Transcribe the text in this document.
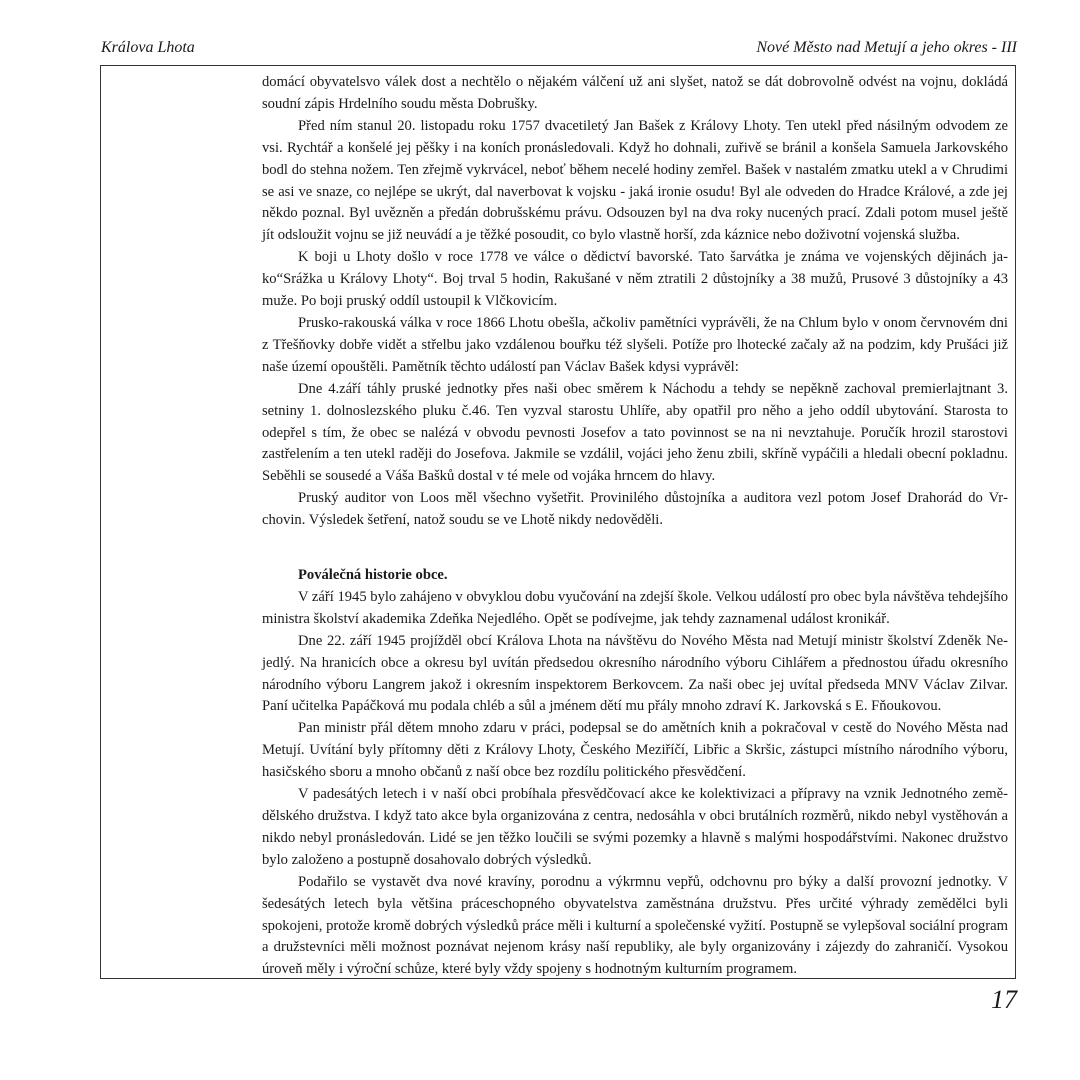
Králova Lhota	Nové Město nad Metují a jeho okres - III

domácí obyvatelsvo válek dost a nechtělo o nějakém válčení už ani slyšet, natož se dát dobrovolně odvést na vojnu, dokládá soudní zápis Hrdelního soudu města Dobrušky.

Před ním stanul 20. listopadu roku 1757 dvacetiletý Jan Bašek z Královy Lhoty. Ten utekl před násilným odvodem ze vsi. Rychtář a konšelé jej pěšky i na koních pronásledovali. Když ho dohnali, zuřivě se bránil a konšela Samuela Jarkovského bodl do stehna nožem. Ten zřejmě vykrvácel, neboť během necelé hodiny zemřel. Bašek v nastalém zmatku utekl a v Chrudimi se asi ve snaze, co nejlépe se ukrýt, dal naverbovat k vojsku - jaká ironie osudu! Byl ale odveden do Hradce Králové, a zde jej někdo poznal. Byl uvězněn a předán dobrušskému právu. Odsouzen byl na dva roky nucených prací. Zdali potom musel ještě jít odsloužit vojnu se již neuvádí a je těžké posoudit, co bylo vlastně horší, zda káznice nebo doživotní vojenská služba.

K boji u Lhoty došlo v roce 1778 ve válce o dědictví bavorské. Tato šarvátka je známa ve vojenských dějinách jako“Srážka u Královy Lhoty“. Boj trval 5 hodin, Rakušané v něm ztratili 2 důstojníky a 38 mužů, Prusové 3 důstojníky a 43 muže. Po boji pruský oddíl ustoupil k Vlčkovicím.

Prusko-rakouská válka v roce 1866 Lhotu obešla, ačkoliv pamětníci vyprávěli, že na Chlum bylo v onom červnovém dni z Třešňovky dobře vidět a střelbu jako vzdálenou bouřku též slyšeli. Potíže pro lhotecké začaly až na podzim, kdy Prušáci již naše území opouštěli. Pamětník těchto událostí pan Václav Bašek kdysi vyprávěl:

Dne 4.září táhly pruské jednotky přes naši obec směrem k Náchodu a tehdy se nepěkně zachoval premierlajtnant 3. setniny 1. dolnoslezského pluku č.46. Ten vyzval starostu Uhlíře, aby opatřil pro něho a jeho oddíl ubytování. Starosta to odepřel s tím, že obec se nalézá v obvodu pevnosti Josefov a tato povinnost se na ni nevztahuje. Poručík hrozil starostovi zastřelením a ten utekl raději do Josefova. Jakmile se vzdálil, vojáci jeho ženu zbili, skříně vypáčili a hledali obecní pokladnu. Seběhli se sousedé a Váša Bašků dostal v té mele od vojáka hrncem do hlavy.

Pruský auditor von Loos měl všechno vyšetřit. Provinilého důstojníka a auditora vezl potom Josef Drahorád do Vrchovin. Výsledek šetření, natož soudu se ve Lhotě nikdy nedověděli.

Poválečná historie obce.

V září 1945 bylo zahájeno v obvyklou dobu vyučování na zdejší škole. Velkou událostí pro obec byla návštěva tehdejšího ministra školství akademika Zdeňka Nejedlého. Opět se podívejme, jak tehdy zaznamenal událost kronikář.

Dne 22. září 1945 projížděl obcí Králova Lhota na návštěvu do Nového Města nad Metují ministr školství Zdeněk Nejedlý. Na hranicích obce a okresu byl uvítán předsedou okresního národního výboru Cihlářem a přednostou úřadu okresního národního výboru Langrem jakož i okresním inspektorem Berkovcem. Za naši obec jej uvítal předseda MNV Václav Zilvar. Paní učitelka Papáčková mu podala chléb a sůl a jménem dětí mu přály mnoho zdraví K. Jarkovská s E. Fňoukovou.

Pan ministr přál dětem mnoho zdaru v práci, podepsal se do amětních knih a pokračoval v cestě do Nového Města nad Metují. Uvítání byly přítomny děti z Královy Lhoty, Českého Meziříčí, Libřic a Skršic, zástupci místního národního výboru, hasičského sboru a mnoho občanů z naší obce bez rozdílu politického přesvědčení.

V padesátých letech i v naší obci probíhala přesvědčovací akce ke kolektivizaci a přípravy na vznik Jednotného zemědělského družstva. I když tato akce byla organizována z centra, nedosáhla v obci brutálních rozměrů, nikdo nebyl vystěhován a nikdo nebyl pronásledován. Lidé se jen těžko loučili se svými pozemky a hlavně s malými hospodářstvími. Nakonec družstvo bylo založeno a postupně dosahovalo dobrých výsledků.

Podařilo se vystavět dva nové kravíny, porodnu a výkrmnu vepřů, odchovnu pro býky a další provozní jednotky. V šedesátých letech byla většina práceschopného obyvatelstva zaměstnána družstvu. Přes určité výhrady zemědělci byli spokojeni, protože kromě dobrých výsledků práce měli i kulturní a společenské vyžití. Postupně se vylepšoval sociální program a družstevníci měli možnost poznávat nejenom krásy naší republiky, ale byly organizovány i zájezdy do zahraničí. Vysokou úroveň měly i výroční schůze, které byly vždy spojeny s hodnotným kulturním programem.

17
